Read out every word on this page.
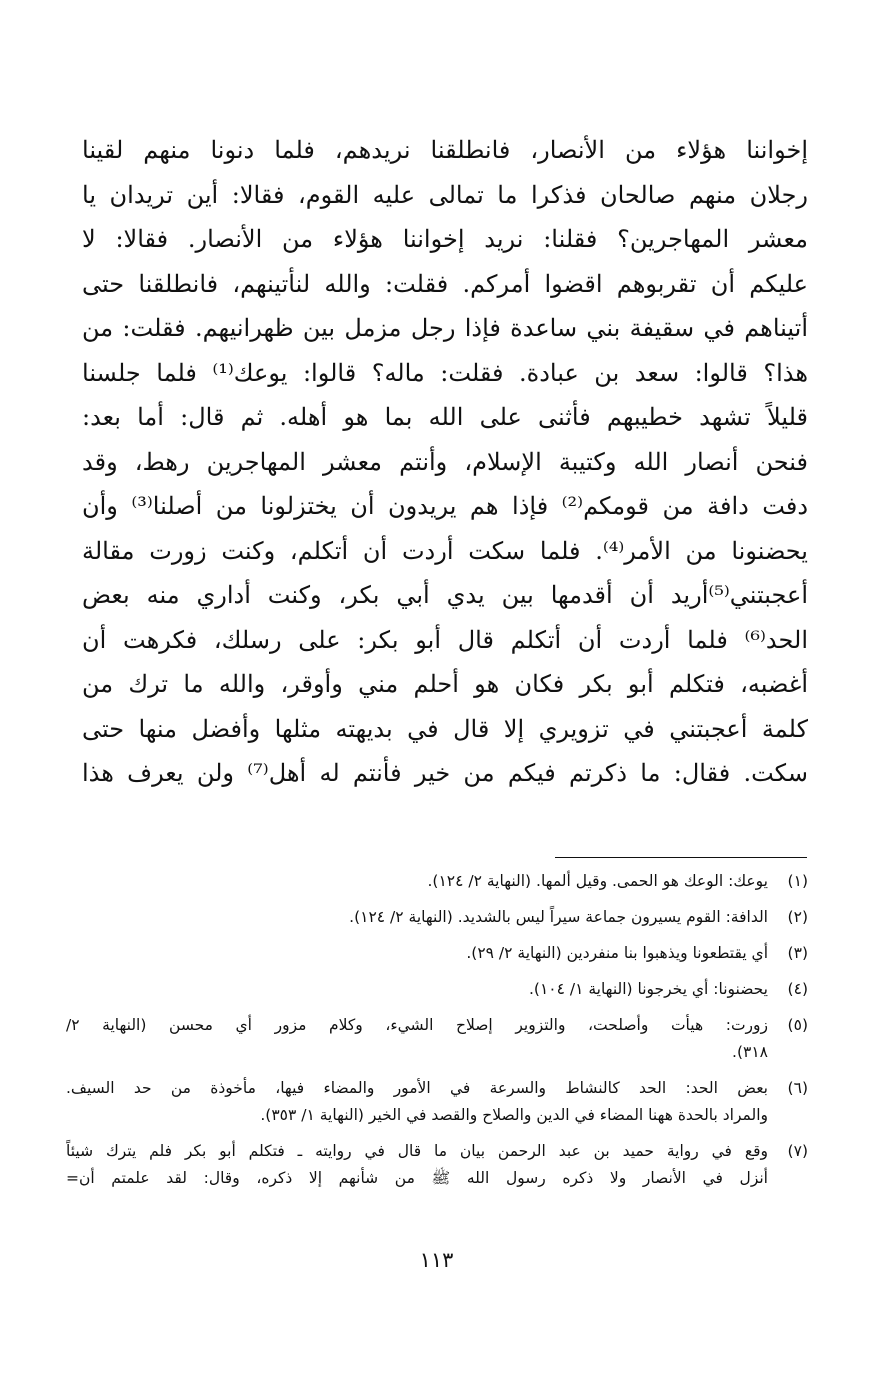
إخواننا هؤلاء من الأنصار، فانطلقنا نريدهم، فلما دنونا منهم لقينا
رجلان منهم صالحان فذكرا ما تمالى عليه القوم، فقالا: أين تريدان يا
معشر المهاجرين؟ فقلنا: نريد إخواننا هؤلاء من الأنصار. فقالا: لا
عليكم أن تقربوهم اقضوا أمركم. فقلت: والله لنأتينهم، فانطلقنا حتى
أتيناهم في سقيفة بني ساعدة فإذا رجل مزمل بين ظهرانيهم. فقلت: من
هذا؟ قالوا: سعد بن عبادة. فقلت: ماله؟ قالوا: يوعك⁽¹⁾ فلما جلسنا
قليلاً تشهد خطيبهم فأثنى على الله بما هو أهله. ثم قال: أما بعد:
فنحن أنصار الله وكتيبة الإسلام، وأنتم معشر المهاجرين رهط، وقد
دفت دافة من قومكم⁽²⁾ فإذا هم يريدون أن يختزلونا من أصلنا⁽³⁾ وأن
يحضنونا من الأمر⁽⁴⁾. فلما سكت أردت أن أتكلم، وكنت زورت مقالة
أعجبتني⁽⁵⁾أريد أن أقدمها بين يدي أبي بكر، وكنت أداري منه بعض
الحد⁽⁶⁾ فلما أردت أن أتكلم قال أبو بكر: على رسلك، فكرهت أن
أغضبه، فتكلم أبو بكر فكان هو أحلم مني وأوقر، والله ما ترك من
كلمة أعجبتني في تزويري إلا قال في بديهته مثلها وأفضل منها حتى
سكت. فقال: ما ذكرتم فيكم من خير فأنتم له أهل⁽⁷⁾ ولن يعرف هذا
(١)
يوعك: الوعك هو الحمى. وقيل ألمها. (النهاية ٢/ ١٢٤).
(٢)
الدافة: القوم يسيرون جماعة سيراً ليس بالشديد. (النهاية ٢/ ١٢٤).
(٣)
أي يقتطعونا ويذهبوا بنا منفردين (النهاية ٢/ ٢٩).
(٤)
يحضنونا: أي يخرجونا (النهاية ١/ ١٠٤).
(٥)
زورت: هيأت وأصلحت، والتزوير إصلاح الشيء، وكلام مزور أي محسن (النهاية ٢/
٣١٨).
(٦)
بعض الحد: الحد كالنشاط والسرعة في الأمور والمضاء فيها، مأخوذة من حد السيف.
والمراد بالحدة ههنا المضاء في الدين والصلاح والقصد في الخير (النهاية ١/ ٣٥٣).
(٧)
وقع في رواية حميد بن عبد الرحمن بيان ما قال في روايته ـ فتكلم أبو بكر فلم يترك شيئاً
أنزل في الأنصار ولا ذكره رسول الله ﷺ من شأنهم إلا ذكره، وقال: لقد علمتم أن=
١١٣
